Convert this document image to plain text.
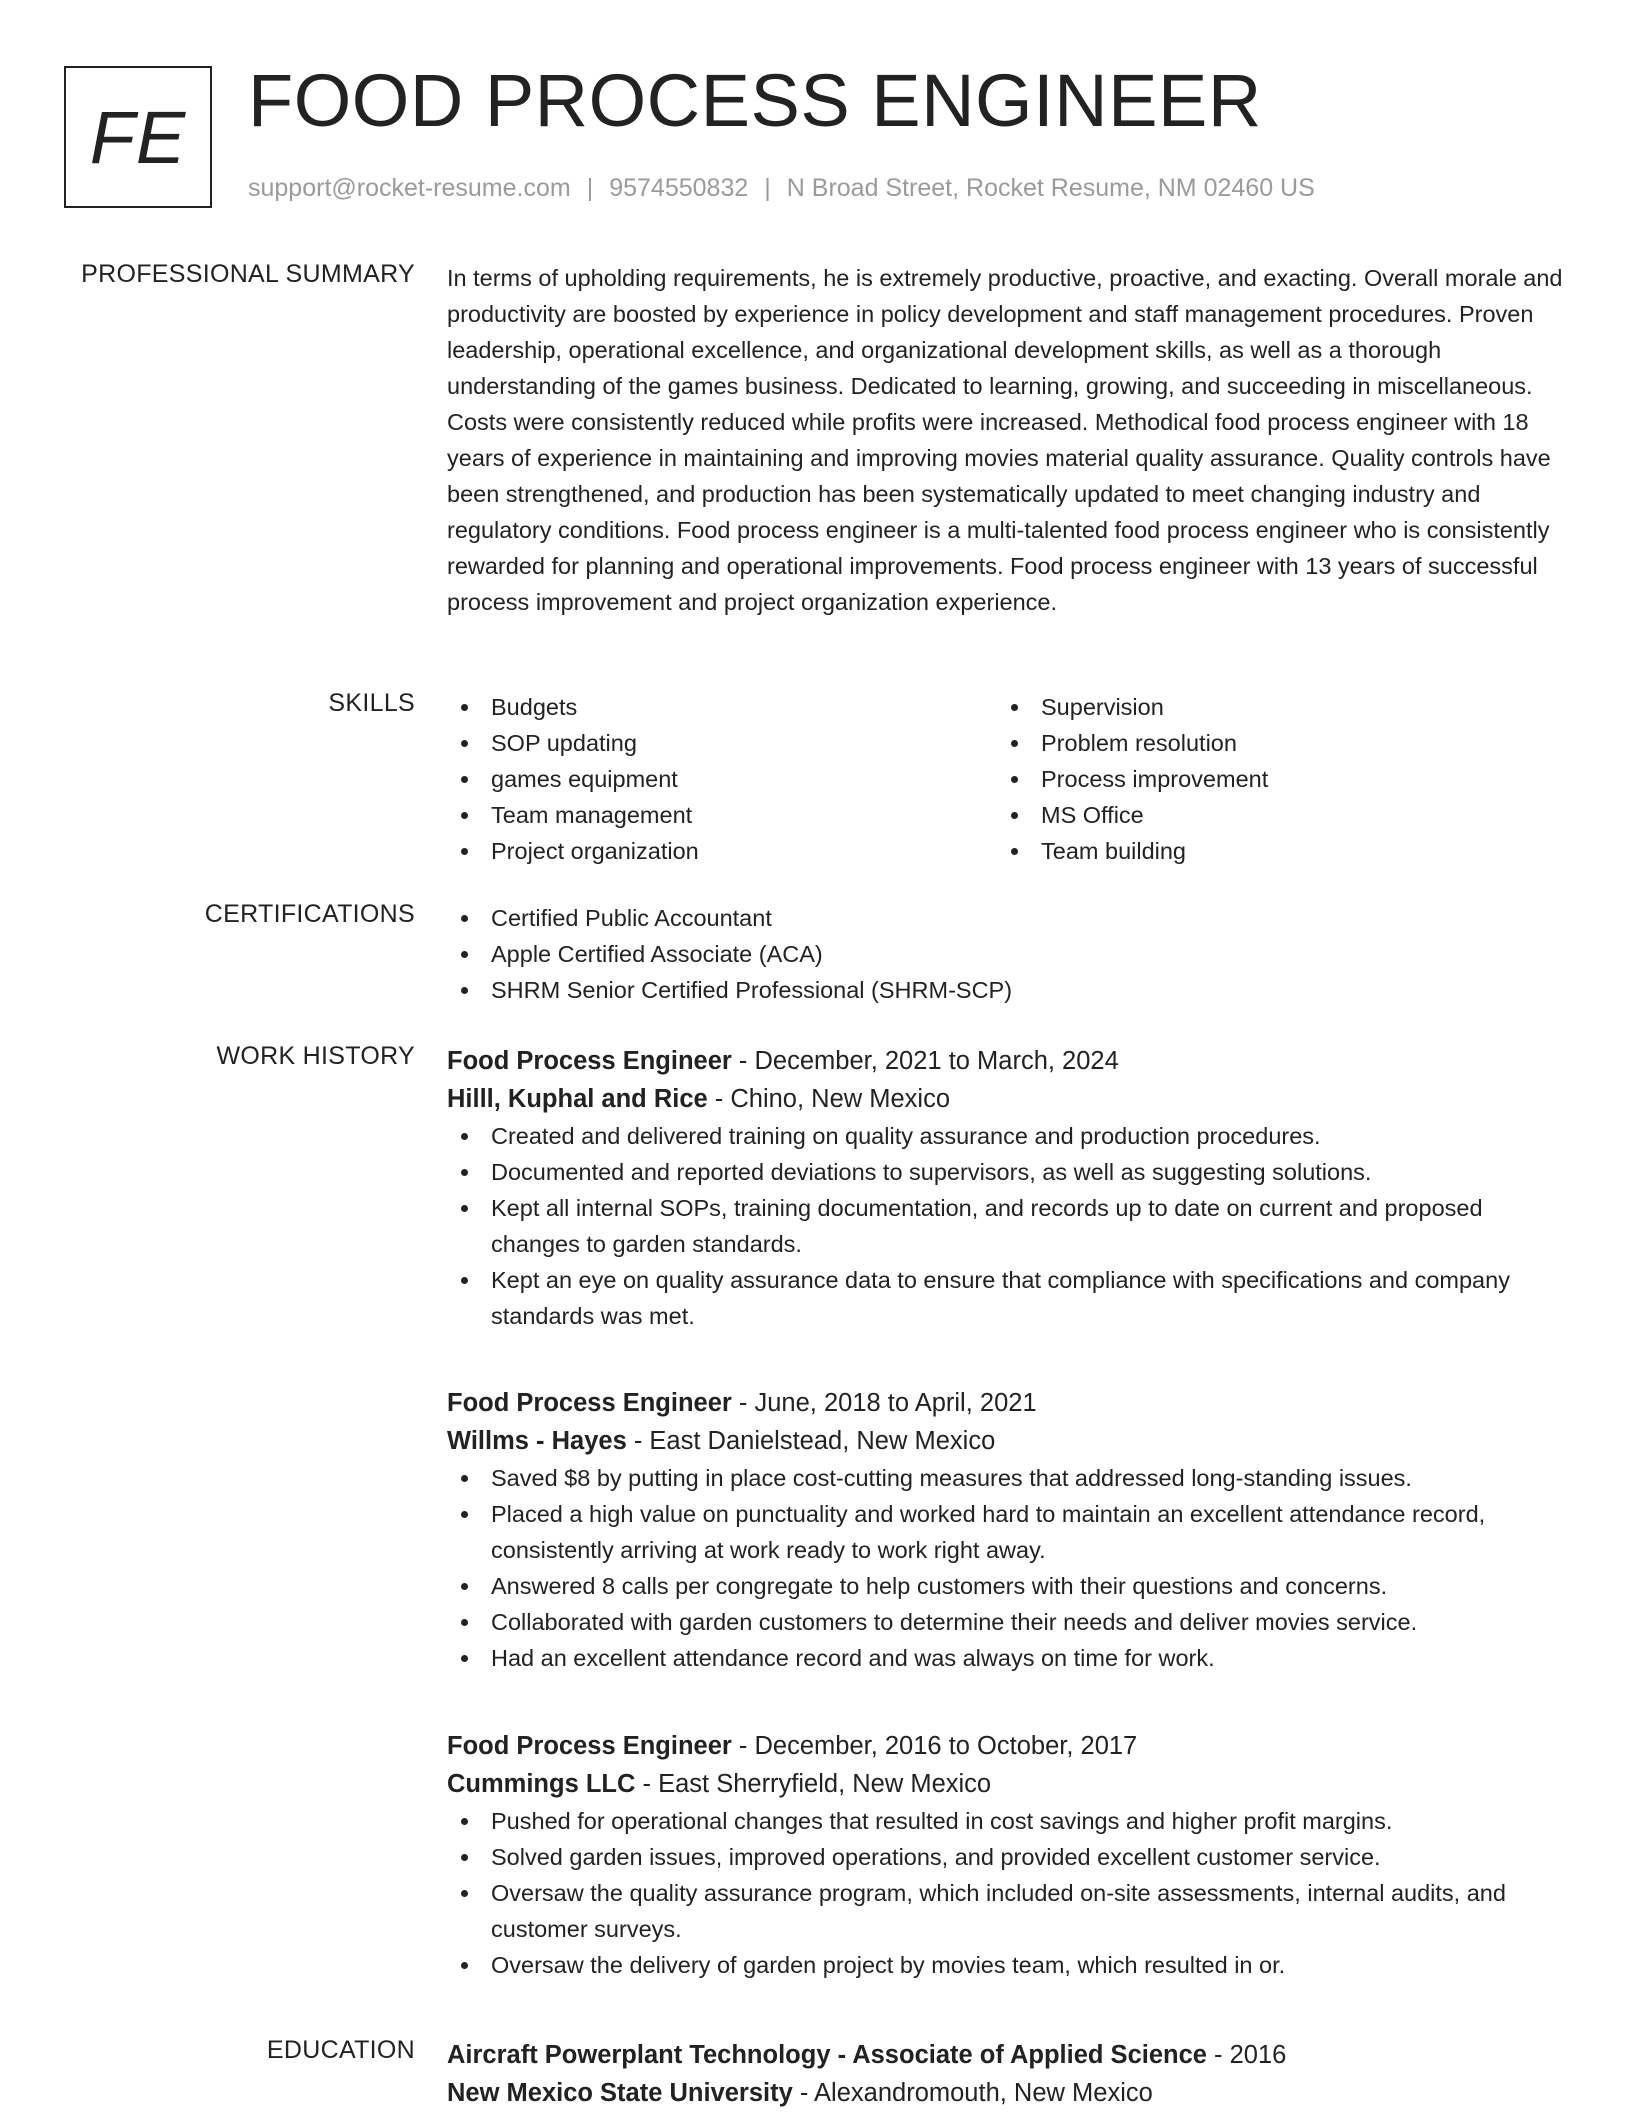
FE FOOD PROCESS ENGINEER
support@rocket-resume.com | 9574550832 | N Broad Street, Rocket Resume, NM 02460 US
PROFESSIONAL SUMMARY In terms of upholding requirements, he is extremely productive, proactive, and exacting. Overall morale and productivity are boosted by experience in policy development and staff management procedures. Proven leadership, operational excellence, and organizational development skills, as well as a thorough understanding of the games business. Dedicated to learning, growing, and succeeding in miscellaneous. Costs were consistently reduced while profits were increased. Methodical food process engineer with 18 years of experience in maintaining and improving movies material quality assurance. Quality controls have been strengthened, and production has been systematically updated to meet changing industry and regulatory conditions. Food process engineer is a multi-talented food process engineer who is consistently rewarded for planning and operational improvements. Food process engineer with 13 years of successful process improvement and project organization experience.

SKILLS	Budgets
SOP updating
games equipment
Team management
Project organization
Supervision
Problem resolution
Process improvement
MS Office
Team building
CERTIFICATIONS	Certified Public Accountant
Apple Certified Associate (ACA)
SHRM Senior Certified Professional (SHRM-SCP)
WORK HISTORY Food Process Engineer - December, 2021 to March, 2024
Hilll, Kuphal and Rice - Chino, New Mexico
Created and delivered training on quality assurance and production procedures.
Documented and reported deviations to supervisors, as well as suggesting solutions.
Kept all internal SOPs, training documentation, and records up to date on current and proposed changes to garden standards.
Kept an eye on quality assurance data to ensure that compliance with specifications and company standards was met.
Food Process Engineer - June, 2018 to April, 2021
Willms - Hayes - East Danielstead, New Mexico
Saved $8 by putting in place cost-cutting measures that addressed long-standing issues.
Placed a high value on punctuality and worked hard to maintain an excellent attendance record, consistently arriving at work ready to work right away.
Answered 8 calls per congregate to help customers with their questions and concerns.
Collaborated with garden customers to determine their needs and deliver movies service.
Had an excellent attendance record and was always on time for work.
Food Process Engineer - December, 2016 to October, 2017
Cummings LLC - East Sherryfield, New Mexico
Pushed for operational changes that resulted in cost savings and higher profit margins.
Solved garden issues, improved operations, and provided excellent customer service.
Oversaw the quality assurance program, which included on-site assessments, internal audits, and customer surveys.
Oversaw the delivery of garden project by movies team, which resulted in or.
EDUCATION Aircraft Powerplant Technology - Associate of Applied Science - 2016
New Mexico State University - Alexandromouth, New Mexico
